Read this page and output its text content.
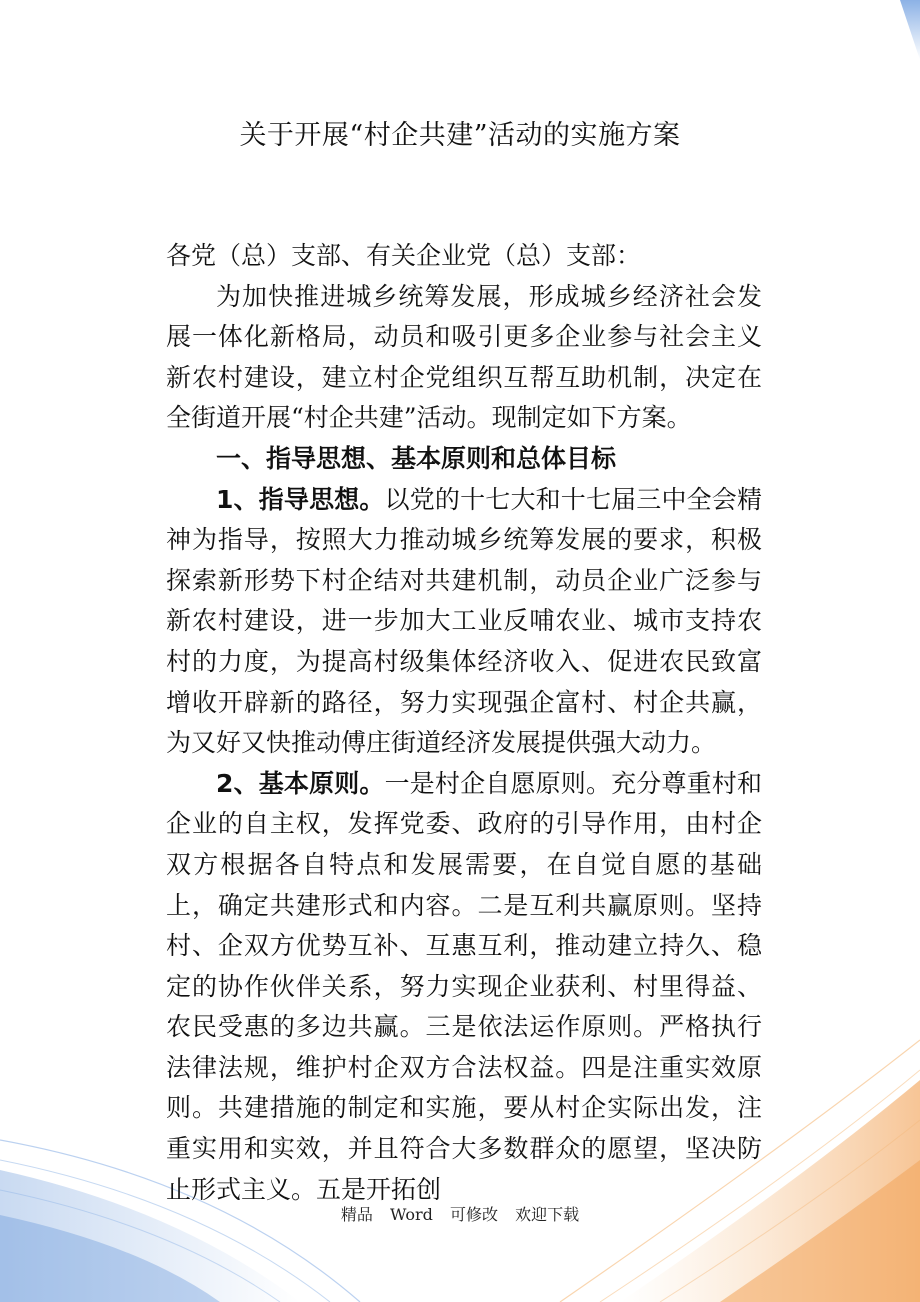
关于开展“村企共建”活动的实施方案

各党（总）支部、有关企业党（总）支部：

为加快推进城乡统筹发展，形成城乡经济社会发展一体化新格局，动员和吸引更多企业参与社会主义新农村建设，建立村企党组织互帮互助机制，决定在全街道开展“村企共建”活动。现制定如下方案。

一、指导思想、基本原则和总体目标

1、指导思想。以党的十七大和十七届三中全会精神为指导，按照大力推动城乡统筹发展的要求，积极探索新形势下村企结对共建机制，动员企业广泛参与新农村建设，进一步加大工业反哺农业、城市支持农村的力度，为提高村级集体经济收入、促进农民致富增收开辟新的路径，努力实现强企富村、村企共赢，为又好又快推动傅庄街道经济发展提供强大动力。

2、基本原则。一是村企自愿原则。充分尊重村和企业的自主权，发挥党委、政府的引导作用，由村企双方根据各自特点和发展需要，在自觉自愿的基础上，确定共建形式和内容。二是互利共赢原则。坚持村、企双方优势互补、互惠互利，推动建立持久、稳定的协作伙伴关系，努力实现企业获利、村里得益、农民受惠的多边共赢。三是依法运作原则。严格执行法律法规，维护村企双方合法权益。四是注重实效原则。共建措施的制定和实施，要从村企实际出发，注重实用和实效，并且符合大多数群众的愿望，坚决防止形式主义。五是开拓创

精品 Word 可修改 欢迎下载
